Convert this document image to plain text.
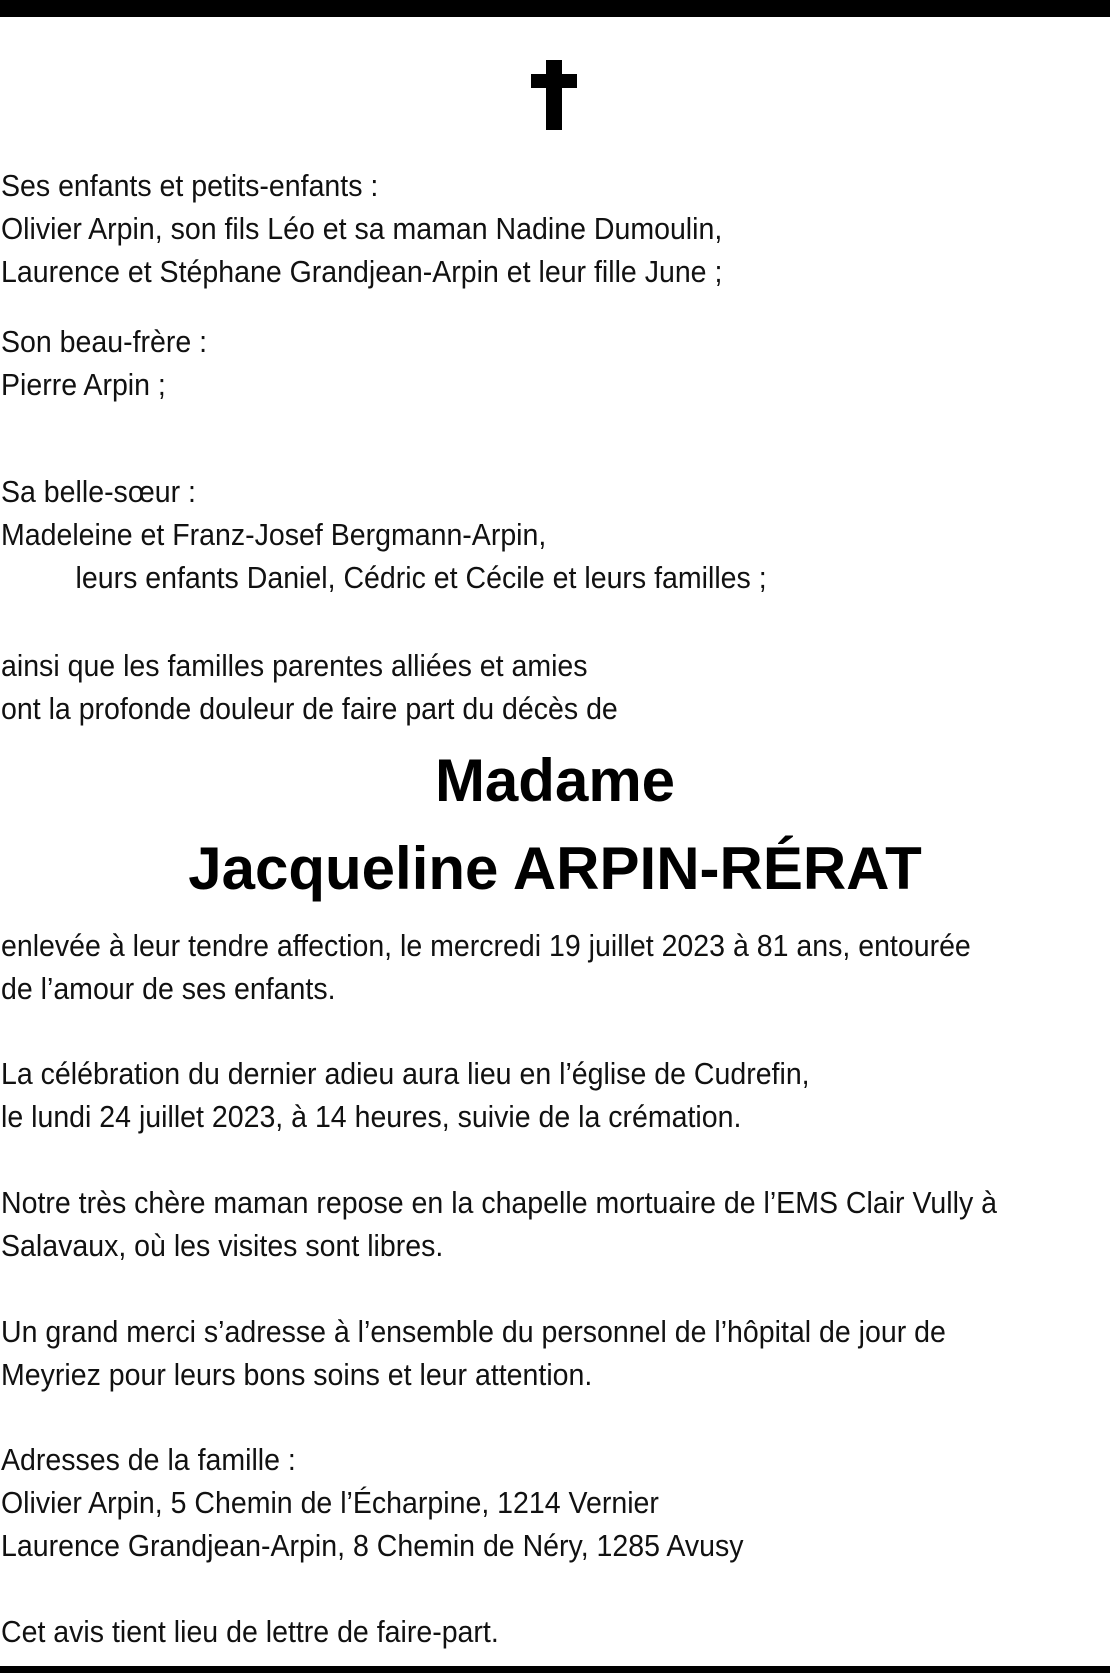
Ses enfants et petits-enfants :
Olivier Arpin, son fils Léo et sa maman Nadine Dumoulin,
Laurence et Stéphane Grandjean-Arpin et leur fille June ;
Son beau-frère :
Pierre Arpin ;
Sa belle-sœur :
Madeleine et Franz-Josef Bergmann-Arpin,
leurs enfants Daniel, Cédric et Cécile et leurs familles ;
ainsi que les familles parentes alliées et amies
ont la profonde douleur de faire part du décès de
Madame
Jacqueline ARPIN-RÉRAT
enlevée à leur tendre affection, le mercredi 19 juillet 2023 à 81 ans, entourée
de l’amour de ses enfants.
La célébration du dernier adieu aura lieu en l’église de Cudrefin,
le lundi 24 juillet 2023, à 14 heures, suivie de la crémation.
Notre très chère maman repose en la chapelle mortuaire de l’EMS Clair Vully à
Salavaux, où les visites sont libres.
Un grand merci s’adresse à l’ensemble du personnel de l’hôpital de jour de
Meyriez pour leurs bons soins et leur attention.
Adresses de la famille :
Olivier Arpin, 5 Chemin de l’Écharpine, 1214 Vernier
Laurence Grandjean-Arpin, 8 Chemin de Néry, 1285 Avusy
Cet avis tient lieu de lettre de faire-part.
